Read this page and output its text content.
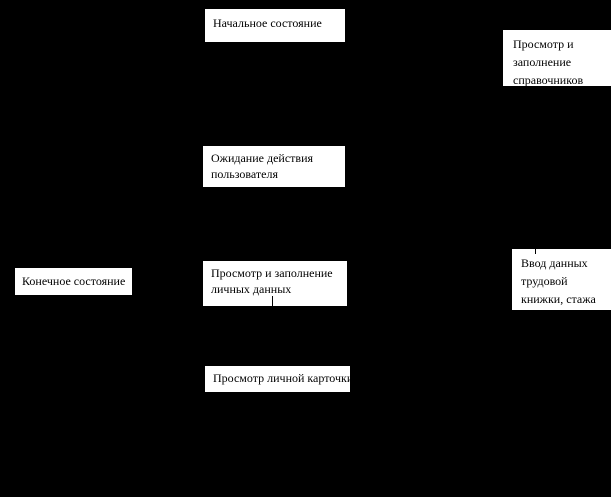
Начальное состояние
Просмотр и заполнение справочников
Ожидание действия пользователя
Конечное состояние
Просмотр и заполнение личных данных
Ввод данных трудовой книжки, стажа
Просмотр личной карточки
